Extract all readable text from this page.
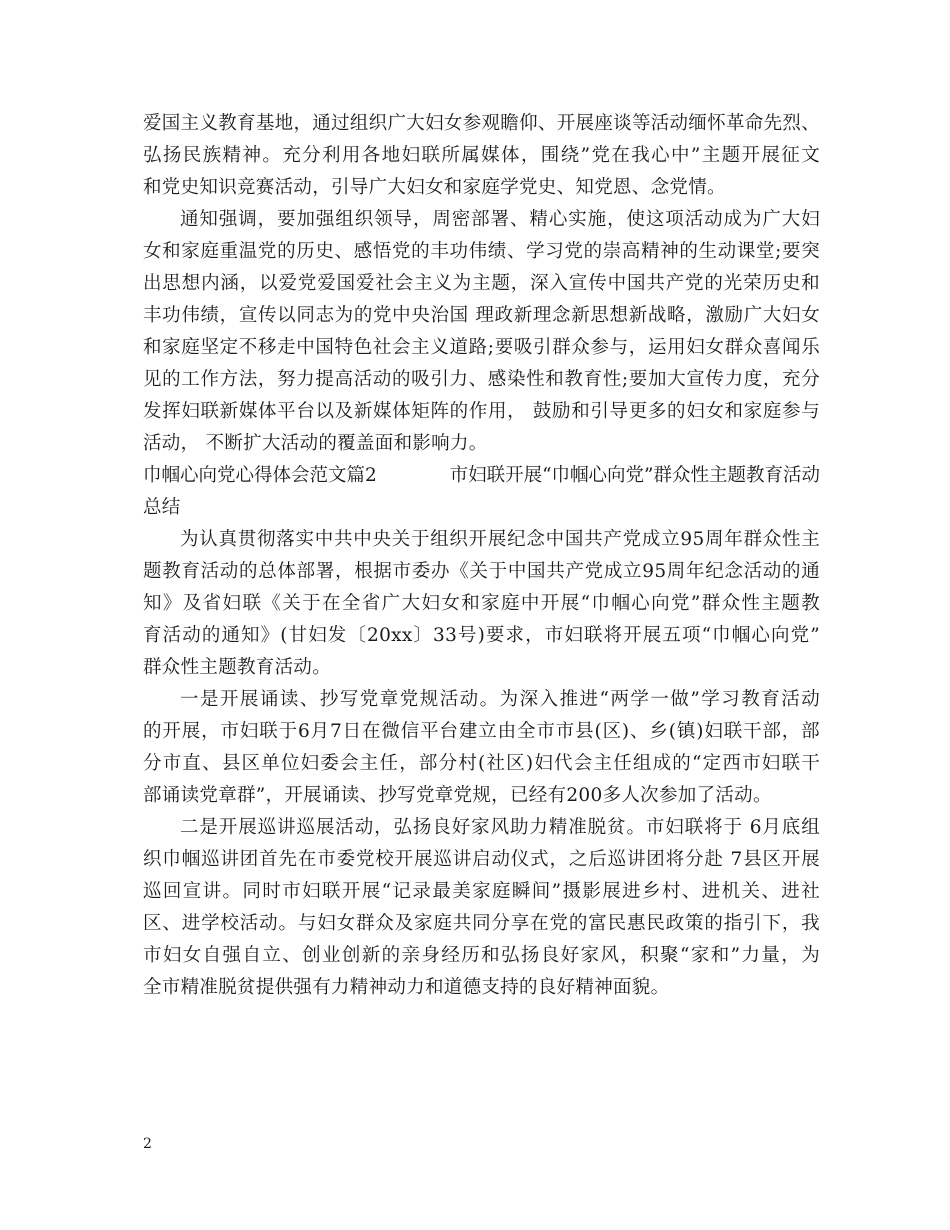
爱国主义教育基地，通过组织广大妇女参观瞻仰、开展座谈等活动缅怀革命先烈、
弘扬民族精神。充分利用各地妇联所属媒体，围绕”党在我心中”主题开展征文
和党史知识竞赛活动，引导广大妇女和家庭学党史、知党恩、念党情。
通知强调，要加强组织领导，周密部署、精心实施，使这项活动成为广大妇
女和家庭重温党的历史、感悟党的丰功伟绩、学习党的崇高精神的生动课堂;要突
出思想内涵，以爱党爱国爱社会主义为主题，深入宣传中国共产党的光荣历史和
丰功伟绩，宣传以同志为的党中央治国 理政新理念新思想新战略，激励广大妇女
和家庭坚定不移走中国特色社会主义道路;要吸引群众参与，运用妇女群众喜闻乐
见的工作方法，努力提高活动的吸引力、感染性和教育性;要加大宣传力度，充分
发挥妇联新媒体平台以及新媒体矩阵的作用， 鼓励和引导更多的妇女和家庭参与
活动， 不断扩大活动的覆盖面和影响力。
巾帼心向党心得体会范文篇2	市妇联开展“巾帼心向党”群众性主题教育活动
总结
为认真贯彻落实中共中央关于组织开展纪念中国共产党成立95周年群众性主
题教育活动的总体部署，根据市委办《关于中国共产党成立95周年纪念活动的通
知》及省妇联《关于在全省广大妇女和家庭中开展“巾帼心向党”群众性主题教
育活动的通知》(甘妇发〔20xx〕33号)要求，市妇联将开展五项“巾帼心向党”
群众性主题教育活动。
一是开展诵读、抄写党章党规活动。为深入推进“两学一做”学习教育活动
的开展，市妇联于6月7日在微信平台建立由全市市县(区)、乡(镇)妇联干部，部
分市直、县区单位妇委会主任，部分村(社区)妇代会主任组成的“定西市妇联干
部诵读党章群”，开展诵读、抄写党章党规，已经有200多人次参加了活动。
二是开展巡讲巡展活动，弘扬良好家风助力精准脱贫。市妇联将于 6月底组
织巾帼巡讲团首先在市委党校开展巡讲启动仪式，之后巡讲团将分赴 7县区开展
巡回宣讲。同时市妇联开展“记录最美家庭瞬间”摄影展进乡村、进机关、进社
区、进学校活动。与妇女群众及家庭共同分享在党的富民惠民政策的指引下，我
市妇女自强自立、创业创新的亲身经历和弘扬良好家风，积聚“家和”力量，为
全市精准脱贫提供强有力精神动力和道德支持的良好精神面貌。
2
